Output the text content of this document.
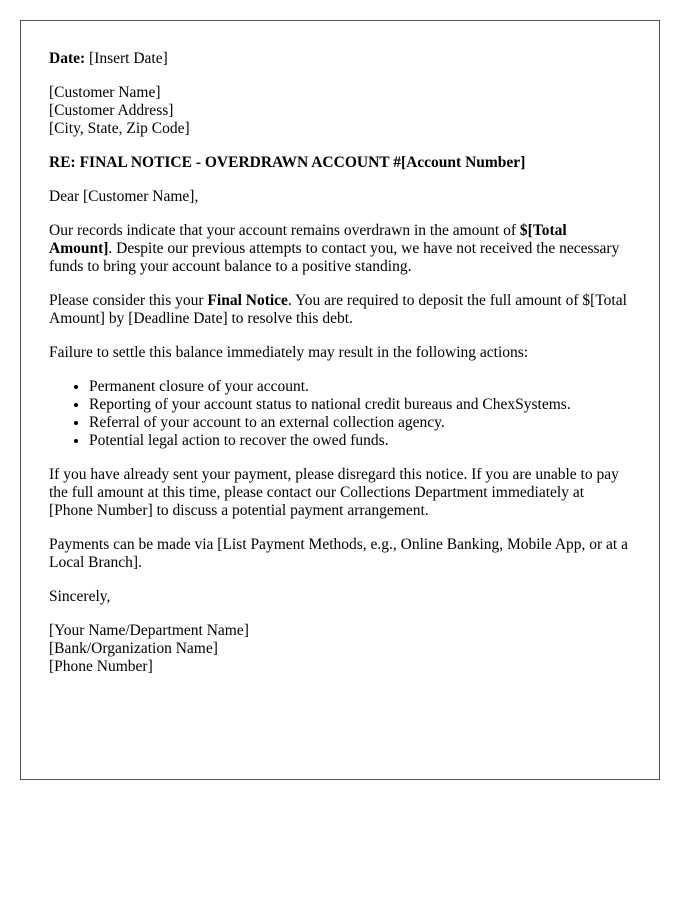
Date: [Insert Date]

[Customer Name]
[Customer Address]
[City, State, Zip Code]

RE: FINAL NOTICE - OVERDRAWN ACCOUNT #[Account Number]

Dear [Customer Name],

Our records indicate that your account remains overdrawn in the amount of $[Total Amount]. Despite our previous attempts to contact you, we have not received the necessary funds to bring your account balance to a positive standing.

Please consider this your Final Notice. You are required to deposit the full amount of $[Total Amount] by [Deadline Date] to resolve this debt.

Failure to settle this balance immediately may result in the following actions:

• Permanent closure of your account.
• Reporting of your account status to national credit bureaus and ChexSystems.
• Referral of your account to an external collection agency.
• Potential legal action to recover the owed funds.

If you have already sent your payment, please disregard this notice. If you are unable to pay the full amount at this time, please contact our Collections Department immediately at [Phone Number] to discuss a potential payment arrangement.

Payments can be made via [List Payment Methods, e.g., Online Banking, Mobile App, or at a Local Branch].

Sincerely,

[Your Name/Department Name]
[Bank/Organization Name]
[Phone Number]
